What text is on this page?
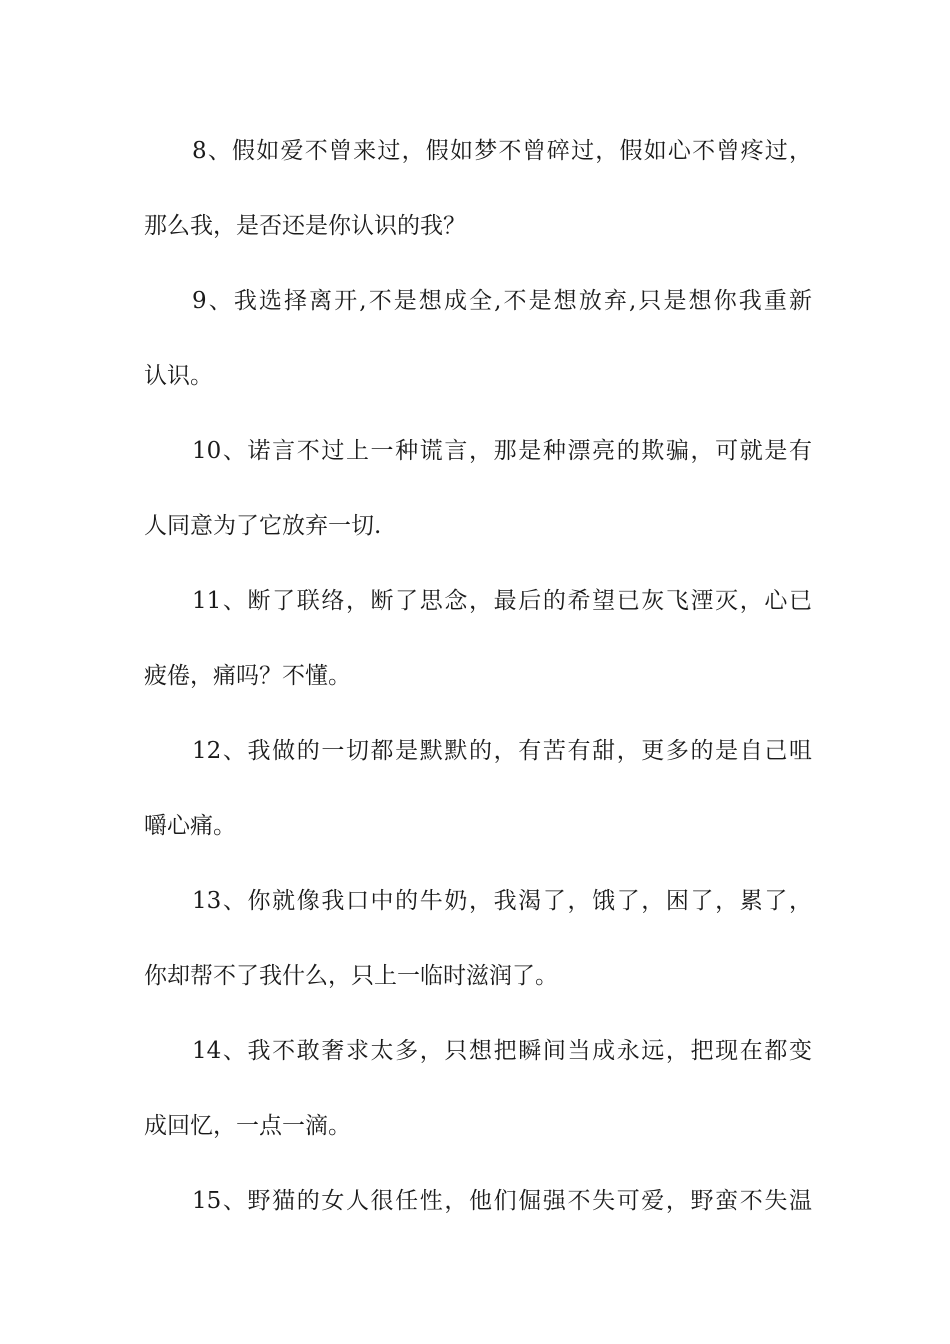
8、假如爱不曾来过，假如梦不曾碎过，假如心不曾疼过，

那么我，是否还是你认识的我？

9、我选择离开,不是想成全,不是想放弃,只是想你我重新

认识。

10、诺言不过上一种谎言，那是种漂亮的欺骗，可就是有

人同意为了它放弃一切.

11、断了联络，断了思念，最后的希望已灰飞湮灭，心已

疲倦，痛吗？不懂。

12、我做的一切都是默默的，有苦有甜，更多的是自己咀

嚼心痛。

13、你就像我口中的牛奶，我渴了，饿了，困了，累了，

你却帮不了我什么，只上一临时滋润了。

14、我不敢奢求太多，只想把瞬间当成永远，把现在都变

成回忆，一点一滴。

15、野猫的女人很任性，他们倔强不失可爱，野蛮不失温
